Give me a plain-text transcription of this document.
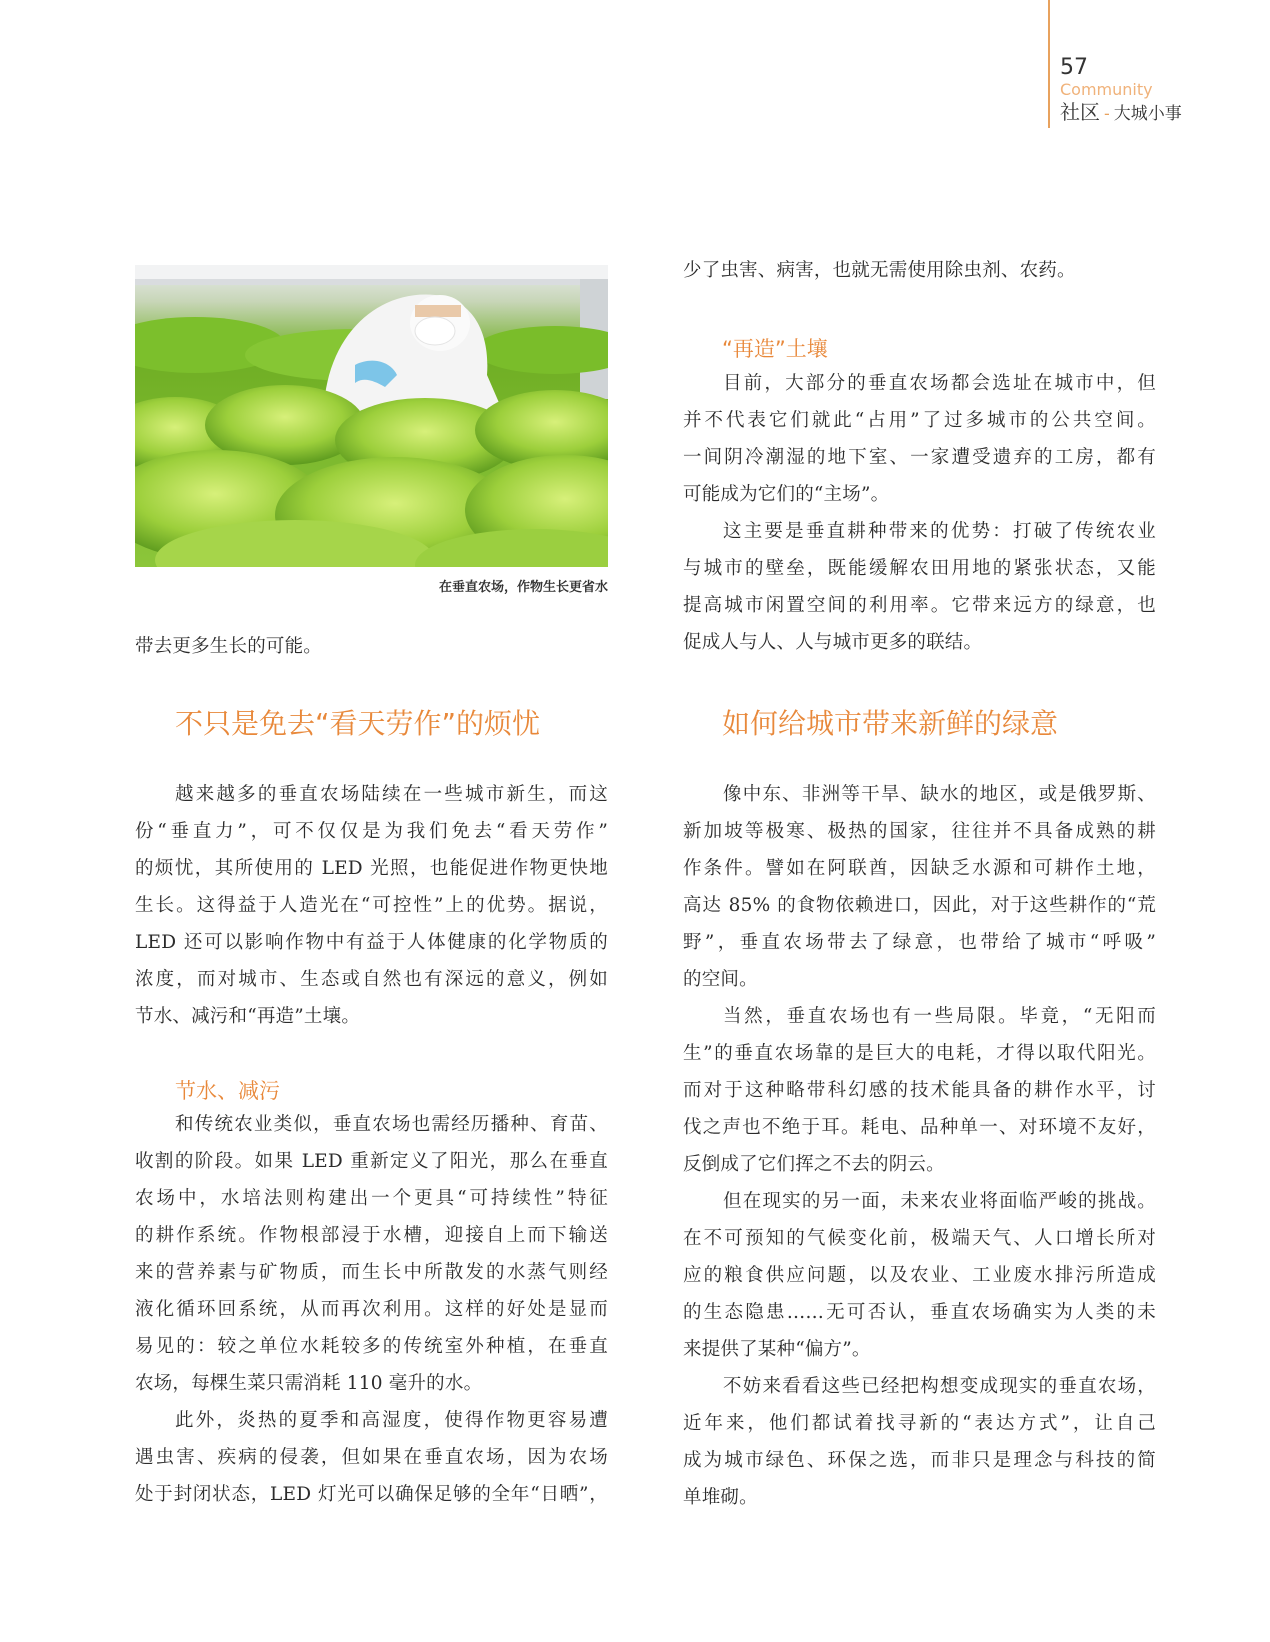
57
Community
社区 - 大城小事
在垂直农场，作物生长更省水

带去更多生长的可能。

不只是免去“看天劳作”的烦忧

越来越多的垂直农场陆续在一些城市新生，而这

份“垂直力”，可不仅仅是为我们免去“看天劳作”

的烦忧，其所使用的 LED 光照，也能促进作物更快地

生长。这得益于人造光在“可控性”上的优势。据说，

LED 还可以影响作物中有益于人体健康的化学物质的

浓度，而对城市、生态或自然也有深远的意义，例如

节水、减污和“再造”土壤。

节水、减污

和传统农业类似，垂直农场也需经历播种、育苗、

收割的阶段。如果 LED 重新定义了阳光，那么在垂直

农场中，水培法则构建出一个更具“可持续性”特征

的耕作系统。作物根部浸于水槽，迎接自上而下输送

来的营养素与矿物质，而生长中所散发的水蒸气则经

液化循环回系统，从而再次利用。这样的好处是显而

易见的：较之单位水耗较多的传统室外种植，在垂直

农场，每棵生菜只需消耗 110 毫升的水。

此外，炎热的夏季和高湿度，使得作物更容易遭

遇虫害、疾病的侵袭，但如果在垂直农场，因为农场

处于封闭状态，LED 灯光可以确保足够的全年“日晒”，

少了虫害、病害，也就无需使用除虫剂、农药。

“再造”土壤

目前，大部分的垂直农场都会选址在城市中，但

并不代表它们就此“占用”了过多城市的公共空间。

一间阴冷潮湿的地下室、一家遭受遗弃的工房，都有

可能成为它们的“主场”。

这主要是垂直耕种带来的优势：打破了传统农业

与城市的壁垒，既能缓解农田用地的紧张状态，又能

提高城市闲置空间的利用率。它带来远方的绿意，也

促成人与人、人与城市更多的联结。

如何给城市带来新鲜的绿意

像中东、非洲等干旱、缺水的地区，或是俄罗斯、

新加坡等极寒、极热的国家，往往并不具备成熟的耕

作条件。譬如在阿联酋，因缺乏水源和可耕作土地，

高达 85% 的食物依赖进口，因此，对于这些耕作的“荒

野”，垂直农场带去了绿意，也带给了城市“呼吸”

的空间。

当然，垂直农场也有一些局限。毕竟，“无阳而

生”的垂直农场靠的是巨大的电耗，才得以取代阳光。

而对于这种略带科幻感的技术能具备的耕作水平，讨

伐之声也不绝于耳。耗电、品种单一、对环境不友好，

反倒成了它们挥之不去的阴云。

但在现实的另一面，未来农业将面临严峻的挑战。

在不可预知的气候变化前，极端天气、人口增长所对

应的粮食供应问题，以及农业、工业废水排污所造成

的生态隐患……无可否认，垂直农场确实为人类的未

来提供了某种“偏方”。

不妨来看看这些已经把构想变成现实的垂直农场，

近年来，他们都试着找寻新的“表达方式”，让自己

成为城市绿色、环保之选，而非只是理念与科技的简

单堆砌。
